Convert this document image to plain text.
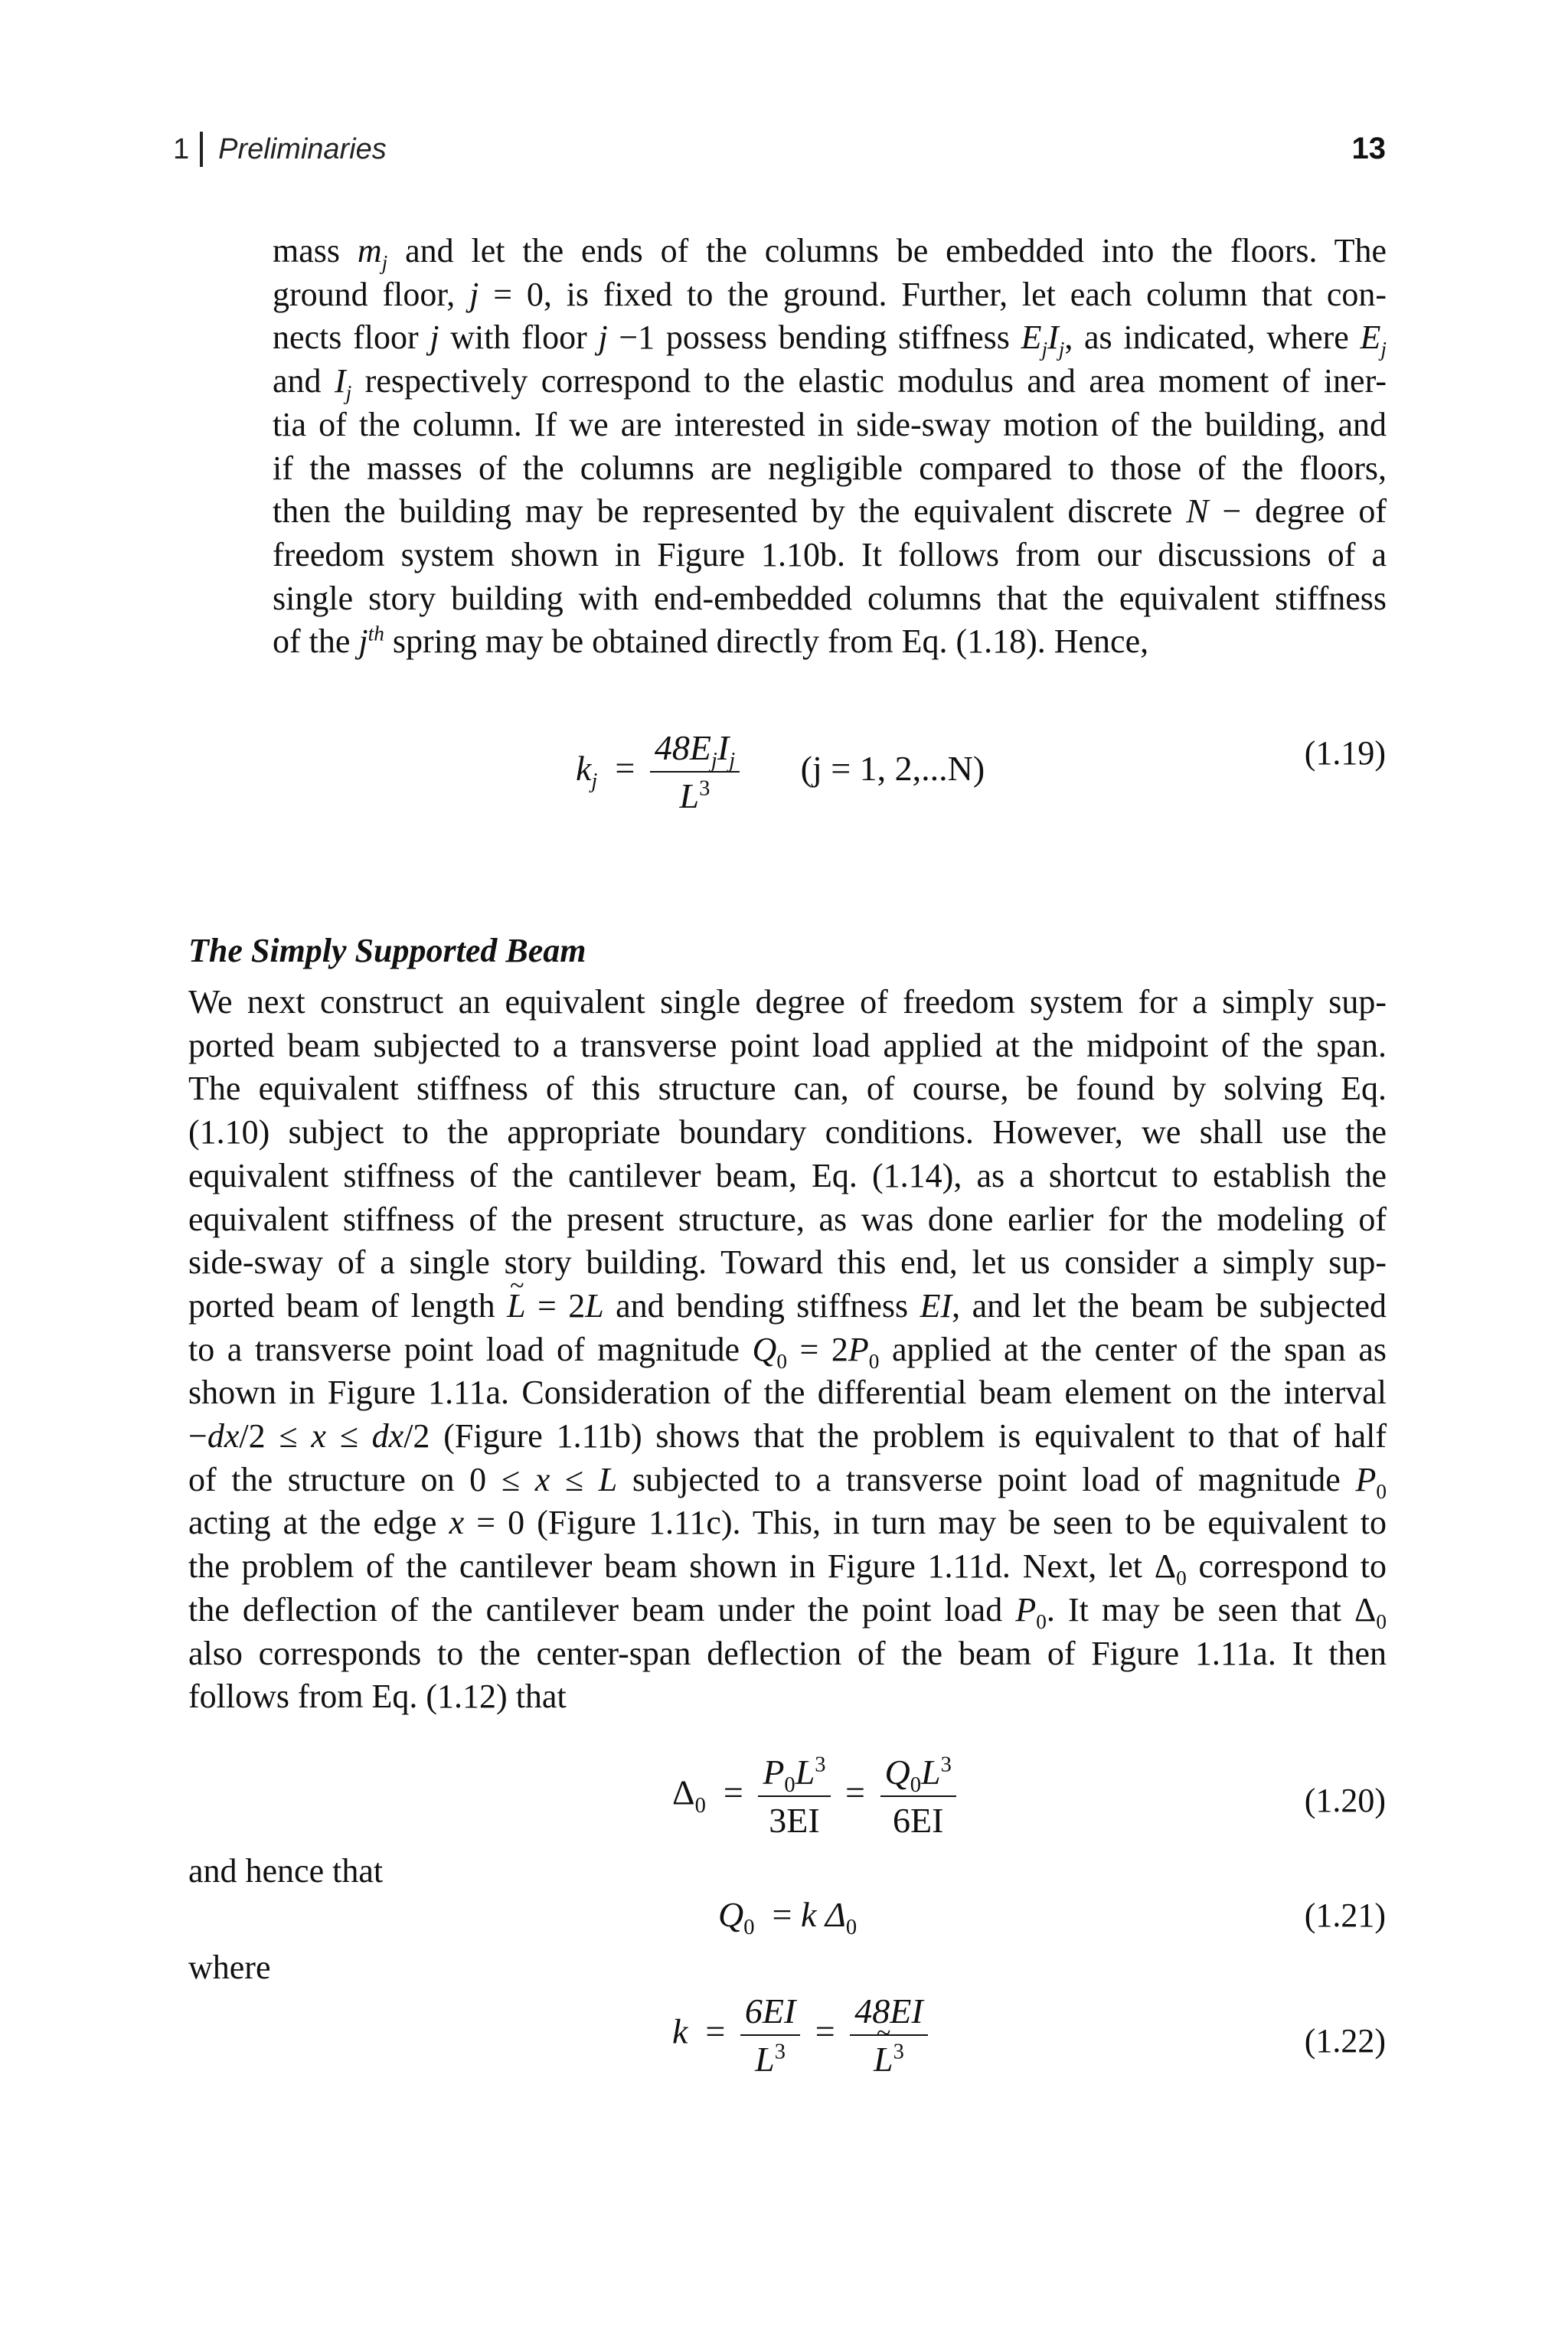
1 Preliminaries	13
mass $m_j$ and let the ends of the columns be embedded into the floors. The
ground floor, j = 0, is fixed to the ground. Further, let each column that con-
nects floor j with floor j −1 possess bending stiffness $E_jI_j$, as indicated, where $E_j$
and $I_j$ respectively correspond to the elastic modulus and area moment of iner-
tia of the column. If we are interested in side-sway motion of the building, and
if the masses of the columns are negligible compared to those of the floors,
then the building may be represented by the equivalent discrete N − degree of
freedom system shown in Figure 1.10b. It follows from our discussions of a
single story building with end-embedded columns that the equivalent stiffness
of the $j^{th}$ spring may be obtained directly from Eq. (1.18). Hence,
$k_j = \frac{48E_jI_j}{L^3} (j = 1$, 2,...N)	(1.19)
The Simply Supported Beam
We next construct an equivalent single degree of freedom system for a simply sup-
ported beam subjected to a transverse point load applied at the midpoint of the span.
The equivalent stiffness of this structure can, of course, be found by solving Eq.
(1.10) subject to the appropriate boundary conditions. However, we shall use the
equivalent stiffness of the cantilever beam, Eq. (1.14), as a shortcut to establish the
equivalent stiffness of the present structure, as was done earlier for the modeling of
side-sway of a single story building. Toward this end, let us consider a simply sup-
ported beam of length ~ L = 2L and bending stiffness EI, and let the beam be subjected
to a transverse point load of magnitude $Q_0 = 2P_0$ applied at the center of the span as
shown in Figure 1.11a. Consideration of the differential beam element on the interval
−dx/2 ≤ x ≤ dx/2 (Figure 1.11b) shows that the problem is equivalent to that of half
of the structure on 0 ≤ x ≤ L subjected to a transverse point load of magnitude $P_0$
acting at the edge x = 0 (Figure 1.11c). This, in turn may be seen to be equivalent to
the problem of the cantilever beam shown in Figure 1.11d. Next, let $\Delta_0$ correspond to
the deflection of the cantilever beam under the point load $P_0$. It may be seen that $\Delta_0$
also corresponds to the center-span deflection of the beam of Figure 1.11a. It then
follows from Eq. (1.12) that
$\Delta_0 = \frac{P_0L^3}{3EI} = \frac{Q_0L^3}{6EI}$	(1.20)
and hence that
$Q_0 = k$ $\Delta_0$	(1.21)
where
$k = \frac{6EI}{L^3} = 48EI$
~ $L^3$	(1.22)
